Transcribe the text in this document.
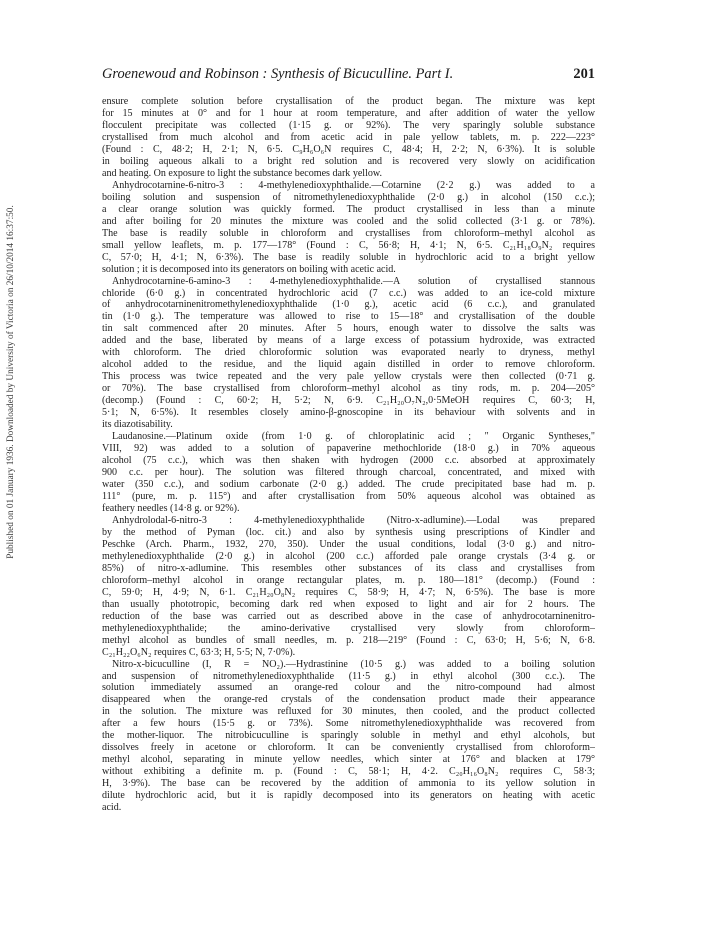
Published on 01 January 1936. Downloaded by University of Victoria on 26/10/2014 16:37:50.
Groenewoud and Robinson : Synthesis of Bicuculline. Part I.	201
ensure complete solution before crystallisation of the product began. The mixture was kept
for 15 minutes at 0° and for 1 hour at room temperature, and after addition of water the yellow
flocculent precipitate was collected (1·15 g. or 92%). The very sparingly soluble substance
crystallised from much alcohol and from acetic acid in pale yellow tablets, m. p. 222—223°
(Found : C, 48·2; H, 2·1; N, 6·5. C₉H₆O₆N requires C, 48·4; H, 2·2; N, 6·3%). It is soluble
in boiling aqueous alkali to a bright red solution and is recovered very slowly on acidification
and heating. On exposure to light the substance becomes dark yellow.
Anhydrocotarnine-6-nitro-3 : 4-methylenedioxyphthalide.—Cotarnine (2·2 g.) was added to a
boiling solution and suspension of nitromethylenedioxyphthalide (2·0 g.) in alcohol (150 c.c.);
a clear orange solution was quickly formed. The product crystallised in less than a minute
and after boiling for 20 minutes the mixture was cooled and the solid collected (3·1 g. or 78%).
The base is readily soluble in chloroform and crystallises from chloroform–methyl alcohol as
small yellow leaflets, m. p. 177—178° (Found : C, 56·8; H, 4·1; N, 6·5. C₂₁H₁₈O₉N₂ requires
C, 57·0; H, 4·1; N, 6·3%). The base is readily soluble in hydrochloric acid to a bright yellow
solution ; it is decomposed into its generators on boiling with acetic acid.
Anhydrocotarnine-6-amino-3 : 4-methylenedioxyphthalide.—A solution of crystallised stannous
chloride (6·0 g.) in concentrated hydrochloric acid (7 c.c.) was added to an ice-cold mixture
of anhydrocotarninenitromethylenedioxyphthalide (1·0 g.), acetic acid (6 c.c.), and granulated
tin (1·0 g.). The temperature was allowed to rise to 15—18° and crystallisation of the double
tin salt commenced after 20 minutes. After 5 hours, enough water to dissolve the salts was
added and the base, liberated by means of a large excess of potassium hydroxide, was extracted
with chloroform. The dried chloroformic solution was evaporated nearly to dryness, methyl
alcohol added to the residue, and the liquid again distilled in order to remove chloroform.
This process was twice repeated and the very pale yellow crystals were then collected (0·71 g.
or 70%). The base crystallised from chloroform–methyl alcohol as tiny rods, m. p. 204—205°
(decomp.) (Found : C, 60·2; H, 5·2; N, 6·9. C₂₁H₂₀O₇N₂,0·5MeOH requires C, 60·3; H,
5·1; N, 6·5%). It resembles closely amino-β-gnoscopine in its behaviour with solvents and in
its diazotisability.
Laudanosine.—Platinum oxide (from 1·0 g. of chloroplatinic acid ; " Organic Syntheses,"
VIII, 92) was added to a solution of papaverine methochloride (18·0 g.) in 70% aqueous
alcohol (75 c.c.), which was then shaken with hydrogen (2000 c.c. absorbed at approximately
900 c.c. per hour). The solution was filtered through charcoal, concentrated, and mixed with
water (350 c.c.), and sodium carbonate (2·0 g.) added. The crude precipitated base had m. p.
111° (pure, m. p. 115°) and after crystallisation from 50% aqueous alcohol was obtained as
feathery needles (14·8 g. or 92%).
Anhydrolodal-6-nitro-3 : 4-methylenedioxyphthalide (Nitro-x-adlumine).—Lodal was prepared
by the method of Pyman (loc. cit.) and also by synthesis using prescriptions of Kindler and
Peschke (Arch. Pharm., 1932, 270, 350). Under the usual conditions, lodal (3·0 g.) and nitro-
methylenedioxyphthalide (2·0 g.) in alcohol (200 c.c.) afforded pale orange crystals (3·4 g. or
85%) of nitro-x-adlumine. This resembles other substances of its class and crystallises from
chloroform–methyl alcohol in orange rectangular plates, m. p. 180—181° (decomp.) (Found :
C, 59·0; H, 4·9; N, 6·1. C₂₁H₂₀O₈N₂ requires C, 58·9; H, 4·7; N, 6·5%). The base is more
than usually phototropic, becoming dark red when exposed to light and air for 2 hours. The
reduction of the base was carried out as described above in the case of anhydrocotarninenitro-
methylenedioxyphthalide; the amino-derivative crystallised very slowly from chloroform–
methyl alcohol as bundles of small needles, m. p. 218—219° (Found : C, 63·0; H, 5·6; N, 6·8.
C₂₁H₂₂O₆N₂ requires C, 63·3; H, 5·5; N, 7·0%).
Nitro-x-bicuculline (I, R = NO₂).—Hydrastinine (10·5 g.) was added to a boiling solution
and suspension of nitromethylenedioxyphthalide (11·5 g.) in ethyl alcohol (300 c.c.). The
solution immediately assumed an orange-red colour and the nitro-compound had almost
disappeared when the orange-red crystals of the condensation product made their appearance
in the solution. The mixture was refluxed for 30 minutes, then cooled, and the product collected
after a few hours (15·5 g. or 73%). Some nitromethylenedioxyphthalide was recovered from
the mother-liquor. The nitrobicuculline is sparingly soluble in methyl and ethyl alcohols, but
dissolves freely in acetone or chloroform. It can be conveniently crystallised from chloroform–
methyl alcohol, separating in minute yellow needles, which sinter at 176° and blacken at 179°
without exhibiting a definite m. p. (Found : C, 58·1; H, 4·2. C₂₀H₁₆O₈N₂ requires C, 58·3;
H, 3·9%). The base can be recovered by the addition of ammonia to its yellow solution in
dilute hydrochloric acid, but it is rapidly decomposed into its generators on heating with acetic
acid.
